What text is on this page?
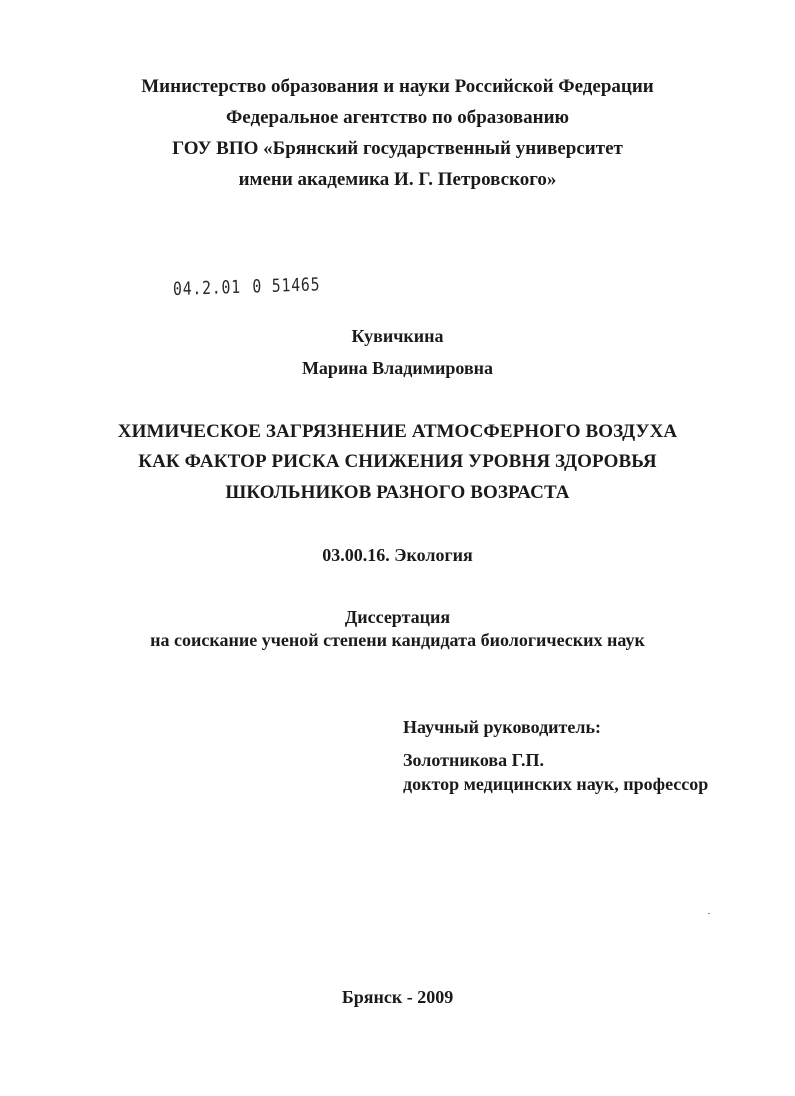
Министерство образования и науки Российской Федерации
Федеральное агентство по образованию
ГОУ ВПО «Брянский государственный университет
имени академика И. Г. Петровского»
04.2.01 0 51465
Кувичкина
Марина Владимировна
ХИМИЧЕСКОЕ ЗАГРЯЗНЕНИЕ АТМОСФЕРНОГО ВОЗДУХА
КАК ФАКТОР РИСКА СНИЖЕНИЯ УРОВНЯ ЗДОРОВЬЯ
ШКОЛЬНИКОВ РАЗНОГО ВОЗРАСТА
03.00.16. Экология
Диссертация
на соискание ученой степени кандидата биологических наук
Научный руководитель:
Золотникова Г.П.
доктор медицинских наук, профессор
Брянск - 2009
